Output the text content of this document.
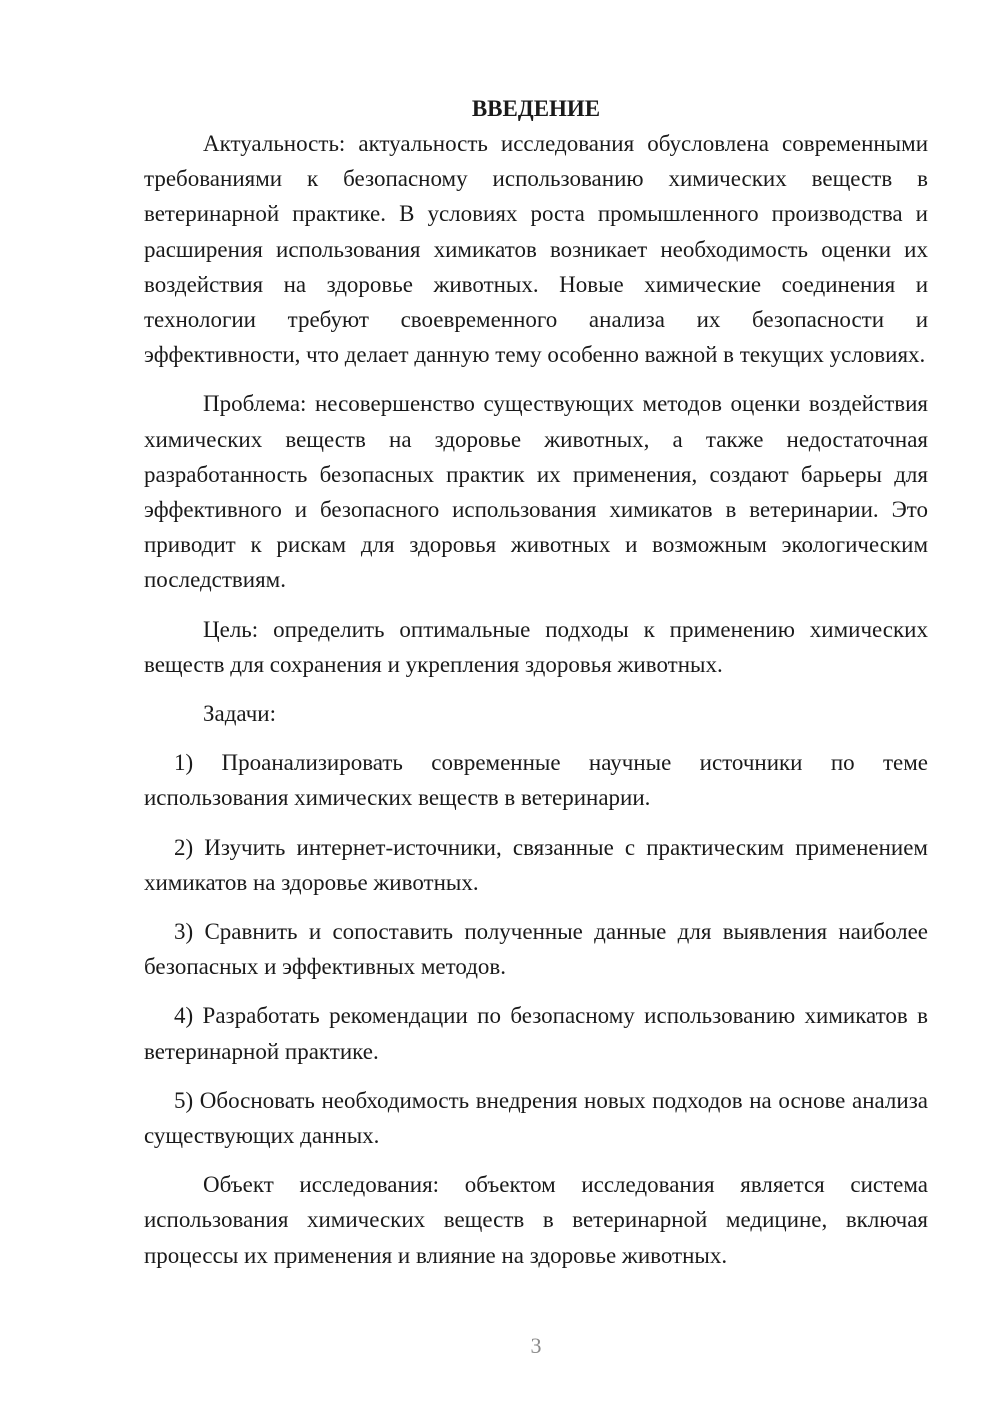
ВВЕДЕНИЕ

Актуальность: актуальность исследования обусловлена современными требованиями к безопасному использованию химических веществ в ветеринарной практике. В условиях роста промышленного производства и расширения использования химикатов возникает необходимость оценки их воздействия на здоровье животных. Новые химические соединения и технологии требуют своевременного анализа их безопасности и эффективности, что делает данную тему особенно важной в текущих условиях.

Проблема: несовершенство существующих методов оценки воздействия химических веществ на здоровье животных, а также недостаточная разработанность безопасных практик их применения, создают барьеры для эффективного и безопасного использования химикатов в ветеринарии. Это приводит к рискам для здоровья животных и возможным экологическим последствиям.

Цель: определить оптимальные подходы к применению химических веществ для сохранения и укрепления здоровья животных.

Задачи:

1) Проанализировать современные научные источники по теме использования химических веществ в ветеринарии.

2) Изучить интернет-источники, связанные с практическим применением химикатов на здоровье животных.

3) Сравнить и сопоставить полученные данные для выявления наиболее безопасных и эффективных методов.

4) Разработать рекомендации по безопасному использованию химикатов в ветеринарной практике.

5) Обосновать необходимость внедрения новых подходов на основе анализа существующих данных.

Объект исследования: объектом исследования является система использования химических веществ в ветеринарной медицине, включая процессы их применения и влияние на здоровье животных.

3
